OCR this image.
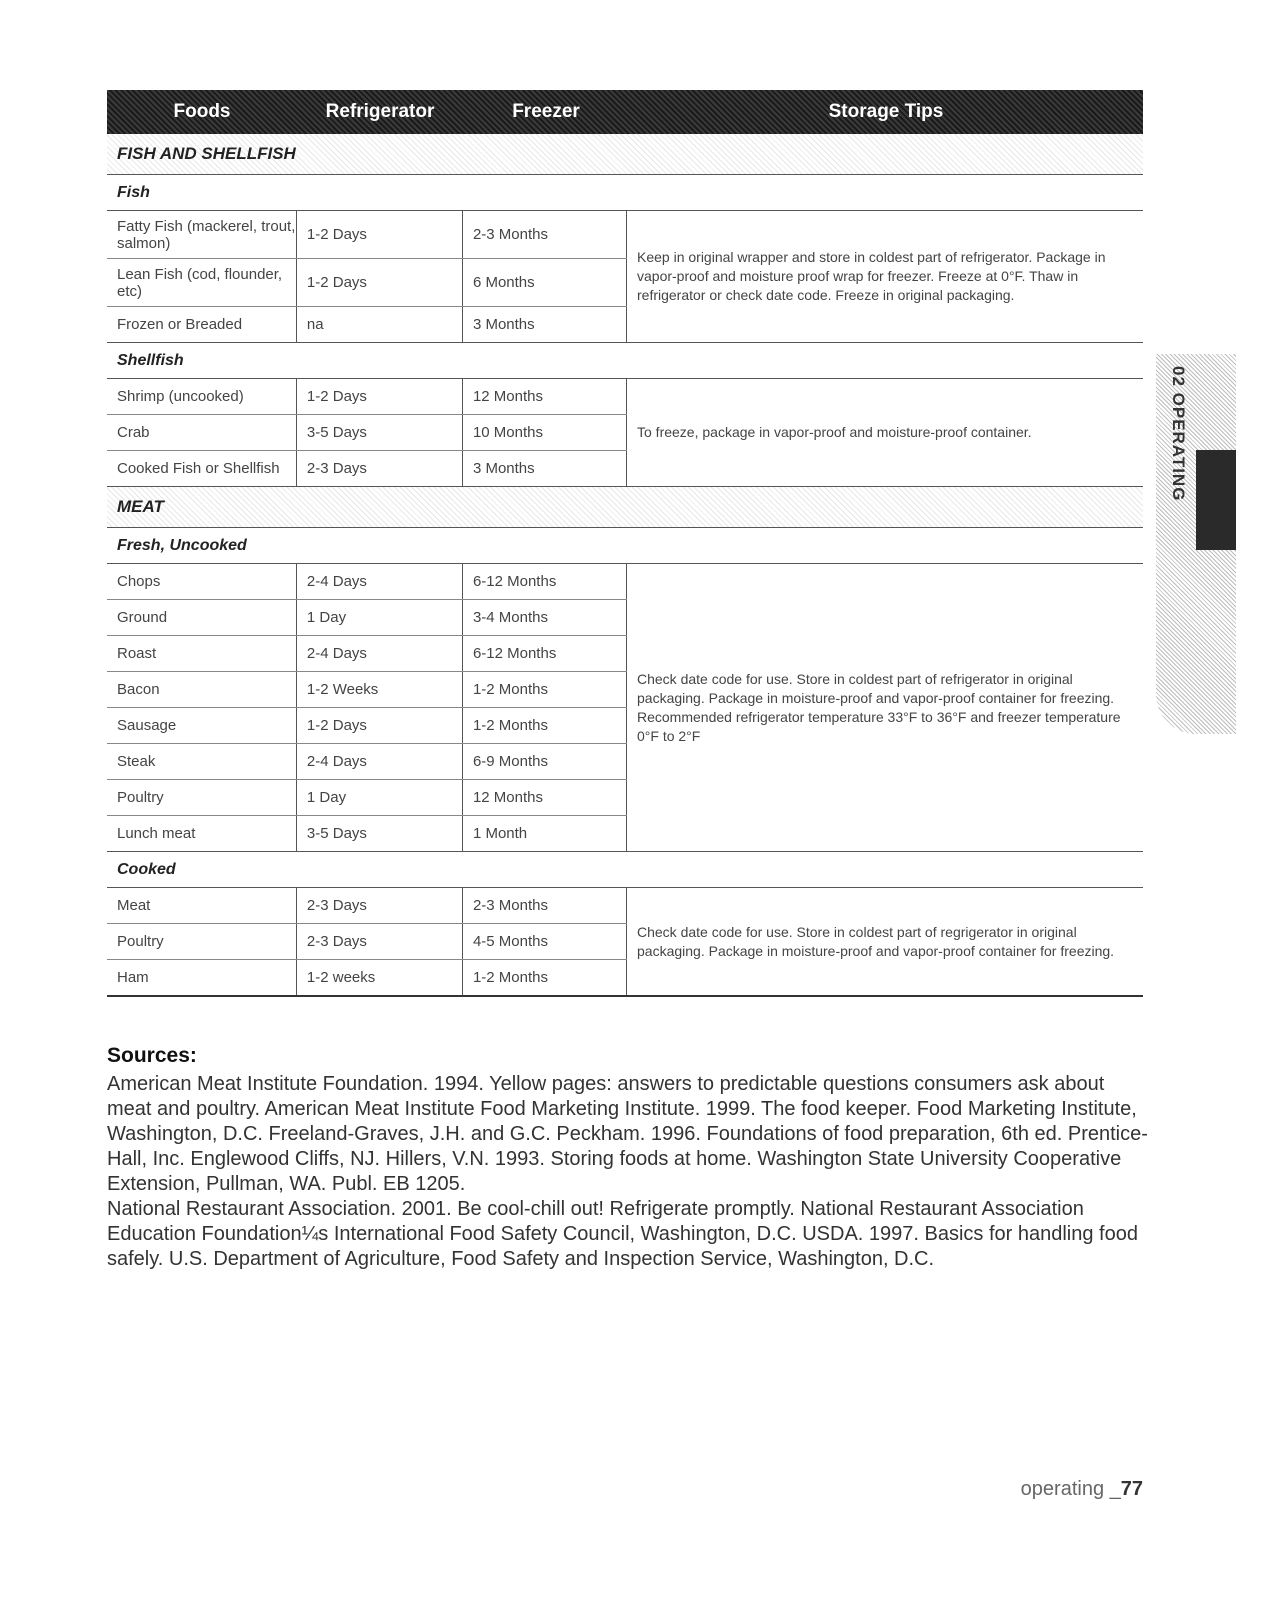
Foods	Refrigerator	Freezer	Storage Tips
FISH AND SHELLFISH
Fish
Fatty Fish (mackerel, trout, salmon)	1-2 Days	2-3 Months
Lean Fish (cod, flounder, etc)	1-2 Days	6 Months
Frozen or Breaded	na	3 Months
Keep in original wrapper and store in coldest part of refrigerator. Package in vapor-proof and moisture proof wrap for freezer. Freeze at 0°F. Thaw in refrigerator or check date code. Freeze in original packaging.
Shellfish
Shrimp (uncooked)	1-2 Days	12 Months
Crab	3-5 Days	10 Months
Cooked Fish or Shellfish	2-3 Days	3 Months
To freeze, package in vapor-proof and moisture-proof container.
MEAT
Fresh, Uncooked
Chops	2-4 Days	6-12 Months
Ground	1 Day	3-4 Months
Roast	2-4 Days	6-12 Months
Bacon	1-2 Weeks	1-2 Months
Sausage	1-2 Days	1-2 Months
Steak	2-4 Days	6-9 Months
Poultry	1 Day	12 Months
Lunch meat	3-5 Days	1 Month
Check date code for use. Store in coldest part of refrigerator in original packaging. Package in moisture-proof and vapor-proof container for freezing. Recommended refrigerator temperature 33°F to 36°F and freezer temperature 0°F to 2°F
Cooked
Meat	2-3 Days	2-3 Months
Poultry	2-3 Days	4-5 Months
Ham	1-2 weeks	1-2 Months
Check date code for use. Store in coldest part of regrigerator in original packaging. Package in moisture-proof and vapor-proof container for freezing.
Sources:

American Meat Institute Foundation. 1994. Yellow pages: answers to predictable questions consumers ask about meat and poultry. American Meat Institute Food Marketing Institute. 1999. The food keeper. Food Marketing Institute, Washington, D.C. Freeland-Graves, J.H. and G.C. Peckham. 1996. Foundations of food preparation, 6th ed. Prentice-Hall, Inc. Englewood Cliffs, NJ. Hillers, V.N. 1993. Storing foods at home. Washington State University Cooperative Extension, Pullman, WA. Publ. EB 1205.

National Restaurant Association. 2001. Be cool-chill out! Refrigerate promptly. National Restaurant Association Education Foundation¼s International Food Safety Council, Washington, D.C. USDA. 1997. Basics for handling food safely. U.S. Department of Agriculture, Food Safety and Inspection Service, Washington, D.C.

02 OPERATING
operating _77
